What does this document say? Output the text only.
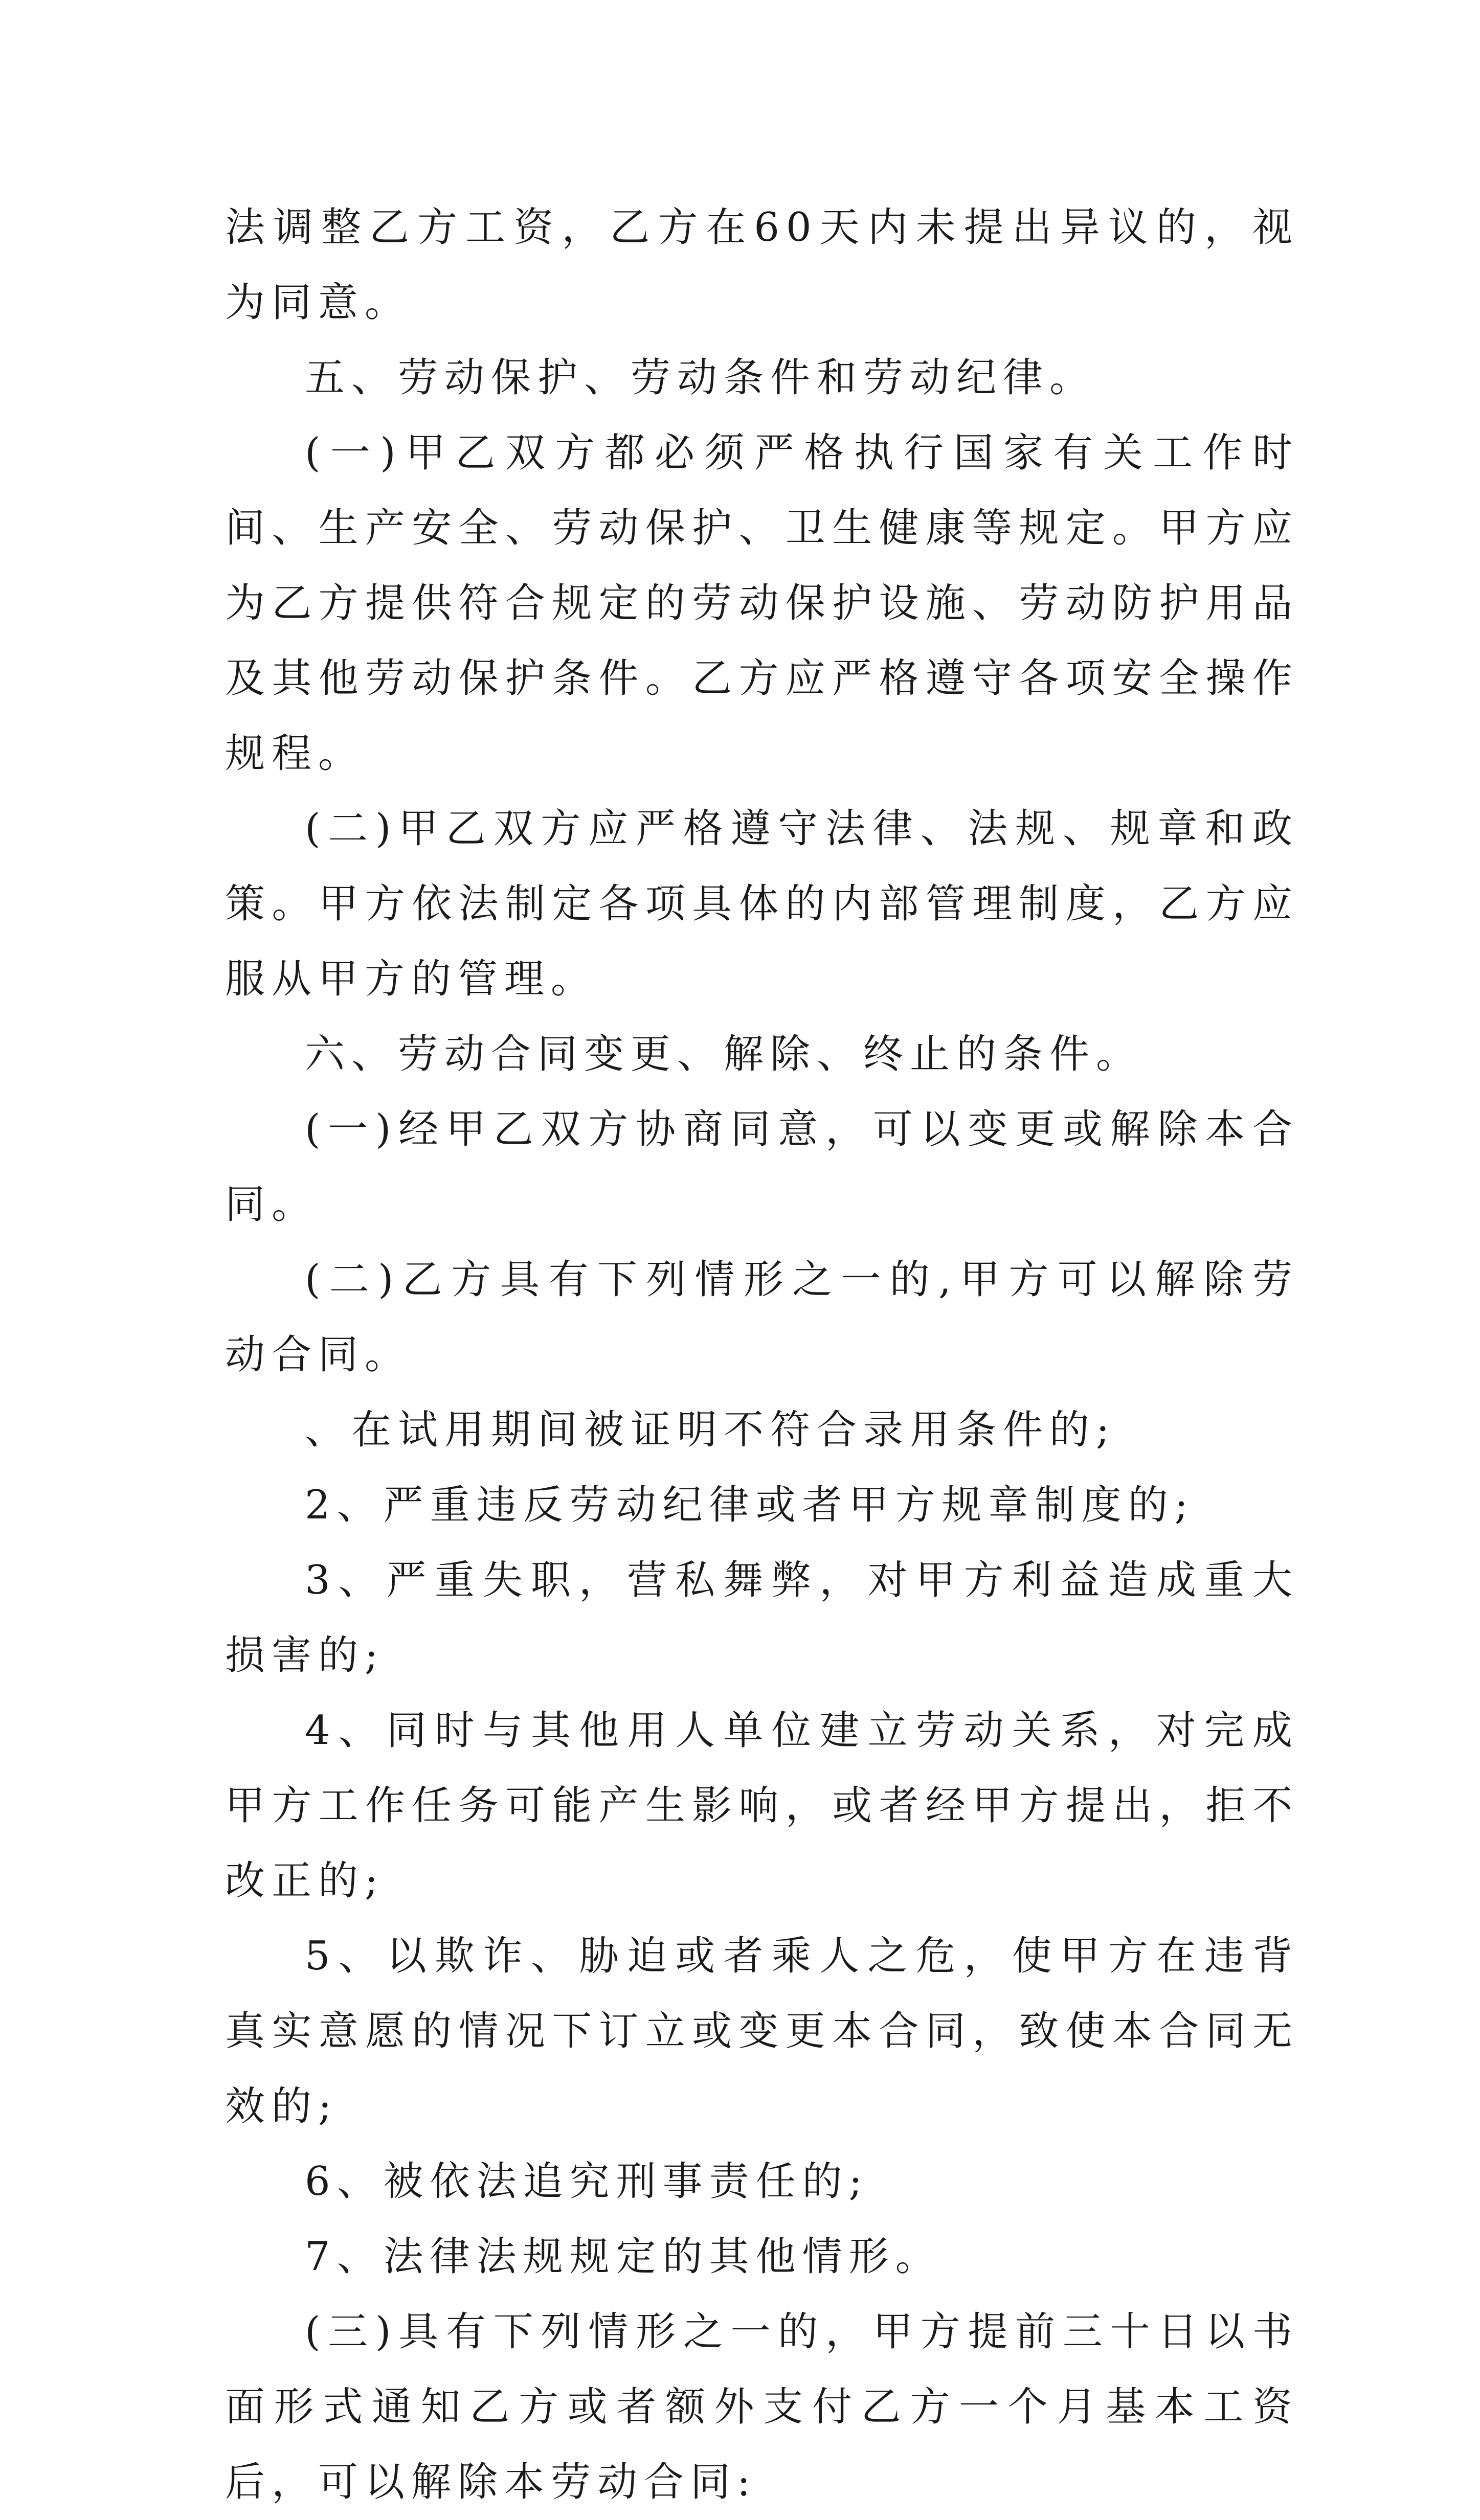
法调整乙方工资，乙方在60天内未提出异议的，视为同意。

五、劳动保护、劳动条件和劳动纪律。

(一)甲乙双方都必须严格执行国家有关工作时间、生产安全、劳动保护、卫生健康等规定。甲方应为乙方提供符合规定的劳动保护设施、劳动防护用品及其他劳动保护条件。乙方应严格遵守各项安全操作规程。

(二)甲乙双方应严格遵守法律、法规、规章和政策。甲方依法制定各项具体的内部管理制度，乙方应服从甲方的管理。

六、劳动合同变更、解除、终止的条件。

(一)经甲乙双方协商同意，可以变更或解除本合同。

(二)乙方具有下列情形之一的,甲方可以解除劳动合同。

、在试用期间被证明不符合录用条件的;

2、严重违反劳动纪律或者甲方规章制度的;

3、严重失职，营私舞弊，对甲方利益造成重大损害的;

4、同时与其他用人单位建立劳动关系，对完成甲方工作任务可能产生影响，或者经甲方提出，拒不改正的;

5、以欺诈、胁迫或者乘人之危，使甲方在违背真实意愿的情况下订立或变更本合同，致使本合同无效的;

6、被依法追究刑事责任的;

7、法律法规规定的其他情形。

(三)具有下列情形之一的，甲方提前三十日以书面形式通知乙方或者额外支付乙方一个月基本工资后，可以解除本劳动合同:
